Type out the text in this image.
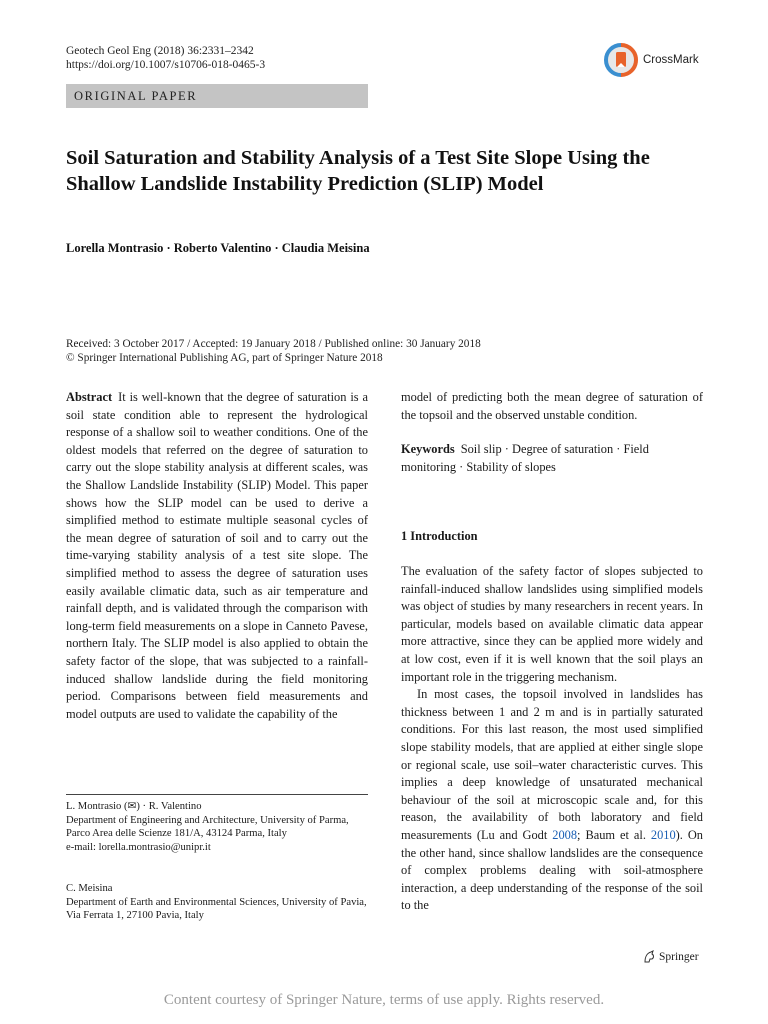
Geotech Geol Eng (2018) 36:2331–2342
https://doi.org/10.1007/s10706-018-0465-3	CrossMark
ORIGINAL PAPER
Soil Saturation and Stability Analysis of a Test Site Slope Using the Shallow Landslide Instability Prediction (SLIP) Model
Lorella Montrasio · Roberto Valentino · Claudia Meisina
Received: 3 October 2017 / Accepted: 19 January 2018 / Published online: 30 January 2018
© Springer International Publishing AG, part of Springer Nature 2018

Abstract It is well-known that the degree of saturation is a soil state condition able to represent the hydrological response of a shallow soil to weather conditions. One of the oldest models that referred on the degree of saturation to carry out the slope stability analysis at different scales, was the Shallow Landslide Instability (SLIP) Model. This paper shows how the SLIP model can be used to derive a simplified method to estimate multiple seasonal cycles of the mean degree of saturation of soil and to carry out the time-varying stability analysis of a test site slope. The simplified method to assess the degree of saturation uses easily available climatic data, such as air temperature and rainfall depth, and is validated through the comparison with long-term field measurements on a slope in Canneto Pavese, northern Italy. The SLIP model is also applied to obtain the safety factor of the slope, that was subjected to a rainfall-induced shallow landslide during the field monitoring period. Comparisons between field measurements and model outputs are used to validate the capability of the

model of predicting both the mean degree of saturation of the topsoil and the observed unstable condition.

Keywords Soil slip · Degree of saturation · Field monitoring · Stability of slopes

1 Introduction

The evaluation of the safety factor of slopes subjected to rainfall-induced shallow landslides using simplified models was object of studies by many researchers in recent years. In particular, models based on available climatic data appear more attractive, since they can be applied more widely and at low cost, even if it is well known that the soil plays an important role in the triggering mechanism.

In most cases, the topsoil involved in landslides has thickness between 1 and 2 m and is in partially saturated conditions. For this last reason, the most used simplified slope stability models, that are applied at either single slope or regional scale, use soil–water characteristic curves. This implies a deep knowledge of unsaturated mechanical behaviour of the soil at microscopic scale and, for this reason, the availability of both laboratory and field measurements (Lu and Godt 2008; Baum et al. 2010). On the other hand, since shallow landslides are the consequence of complex problems dealing with soil-atmosphere interaction, a deep understanding of the response of the soil to the

L. Montrasio (✉) · R. Valentino
Department of Engineering and Architecture, University of Parma, Parco Area delle Scienze 181/A, 43124 Parma, Italy
e-mail: lorella.montrasio@unipr.it
C. Meisina
Department of Earth and Environmental Sciences, University of Pavia, Via Ferrata 1, 27100 Pavia, Italy
Springer
Content courtesy of Springer Nature, terms of use apply. Rights reserved.
